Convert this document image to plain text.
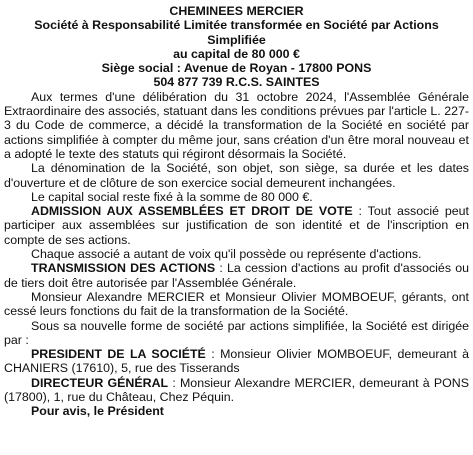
CHEMINEES MERCIER
Société à Responsabilité Limitée transformée en Société par Actions
Simplifiée
au capital de 80 000 €
Siège social : Avenue de Royan - 17800 PONS
504 877 739 R.C.S. SAINTES

Aux termes d'une délibération du 31 octobre 2024, l'Assemblée Générale Extraordinaire des associés, statuant dans les conditions prévues par l'article L. 227-3 du Code de commerce, a décidé la transformation de la Société en société par actions simplifiée à compter du même jour, sans création d'un être moral nouveau et a adopté le texte des statuts qui régiront désormais la Société.

La dénomination de la Société, son objet, son siège, sa durée et les dates d'ouverture et de clôture de son exercice social demeurent inchangées.

Le capital social reste fixé à la somme de 80 000 €.

ADMISSION AUX ASSEMBLÉES ET DROIT DE VOTE : Tout associé peut participer aux assemblées sur justification de son identité et de l'inscription en compte de ses actions.

Chaque associé a autant de voix qu'il possède ou représente d'actions.

TRANSMISSION DES ACTIONS : La cession d'actions au profit d'associés ou de tiers doit être autorisée par l'Assemblée Générale.

Monsieur Alexandre MERCIER et Monsieur Olivier MOMBOEUF, gérants, ont cessé leurs fonctions du fait de la transformation de la Société.

Sous sa nouvelle forme de société par actions simplifiée, la Société est dirigée par :

PRESIDENT DE LA SOCIÉTÉ : Monsieur Olivier MOMBOEUF, demeurant à CHANIERS (17610), 5, rue des Tisserands

DIRECTEUR GÉNÉRAL : Monsieur Alexandre MERCIER, demeurant à PONS (17800), 1, rue du Château, Chez Péquin.

Pour avis, le Président
